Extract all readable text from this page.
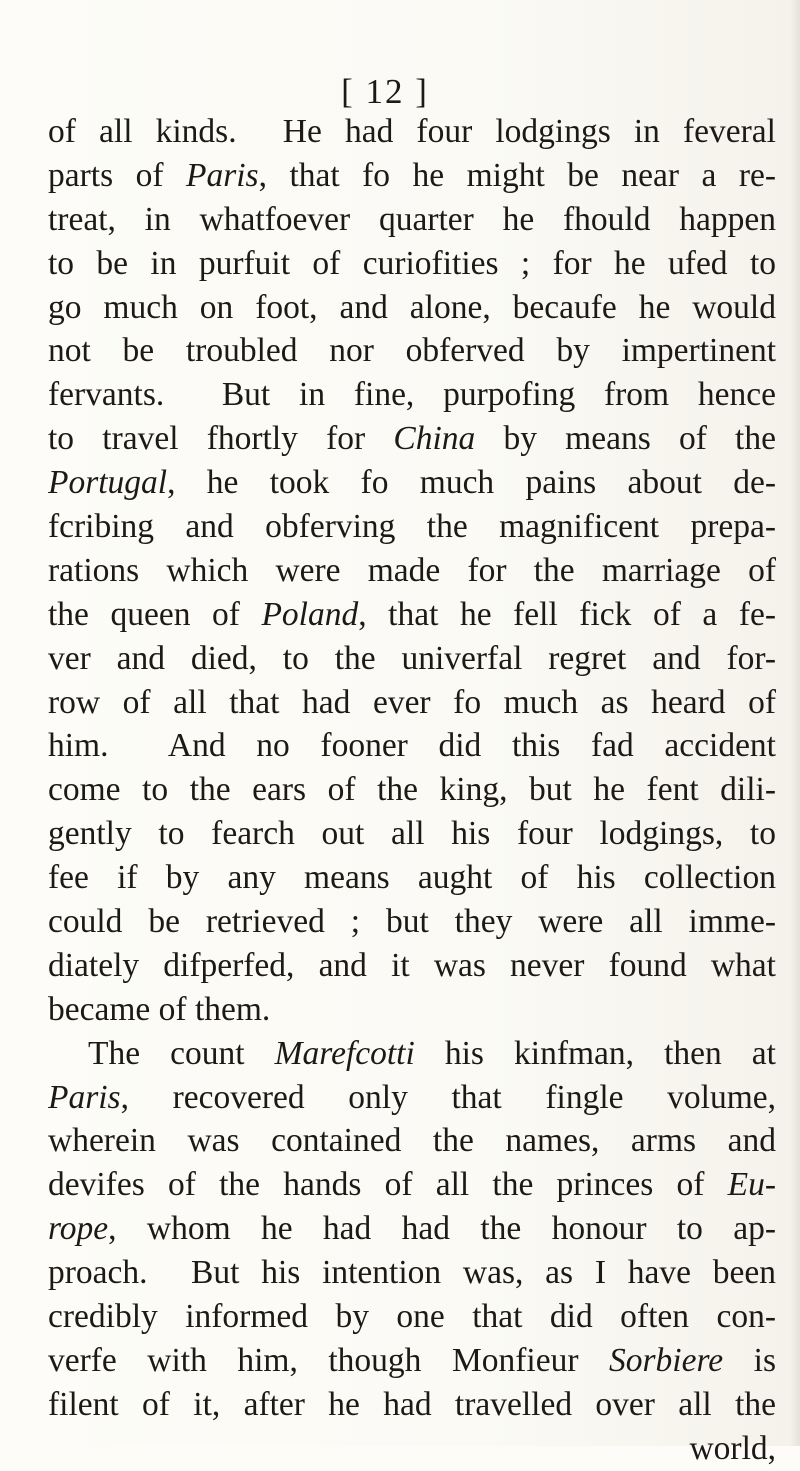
[ 12 ]
of all kinds.  He had four lodgings in feveral
parts of Paris, that fo he might be near a re-
treat, in whatfoever quarter he fhould happen
to be in purfuit of curiofities ; for he ufed to
go much on foot, and alone, becaufe he would
not be troubled nor obferved by impertinent
fervants.  But in fine, purpofing from hence
to travel fhortly for China by means of the
Portugal, he took fo much pains about de-
fcribing and obferving the magnificent prepa-
rations which were made for the marriage of
the queen of Poland, that he fell fick of a fe-
ver and died, to the univerfal regret and for-
row of all that had ever fo much as heard of
him.  And no fooner did this fad accident
come to the ears of the king, but he fent dili-
gently to fearch out all his four lodgings, to
fee if by any means aught of his collection
could be retrieved ; but they were all imme-
diately difperfed, and it was never found what
became of them.
The count Marefcotti his kinfman, then at
Paris, recovered only that fingle volume,
wherein was contained the names, arms and
devifes of the hands of all the princes of Eu-
rope, whom he had had the honour to ap-
proach.  But his intention was, as I have been
credibly informed by one that did often con-
verfe with him, though Monfieur Sorbiere is
filent of it, after he had travelled over all the
world,
